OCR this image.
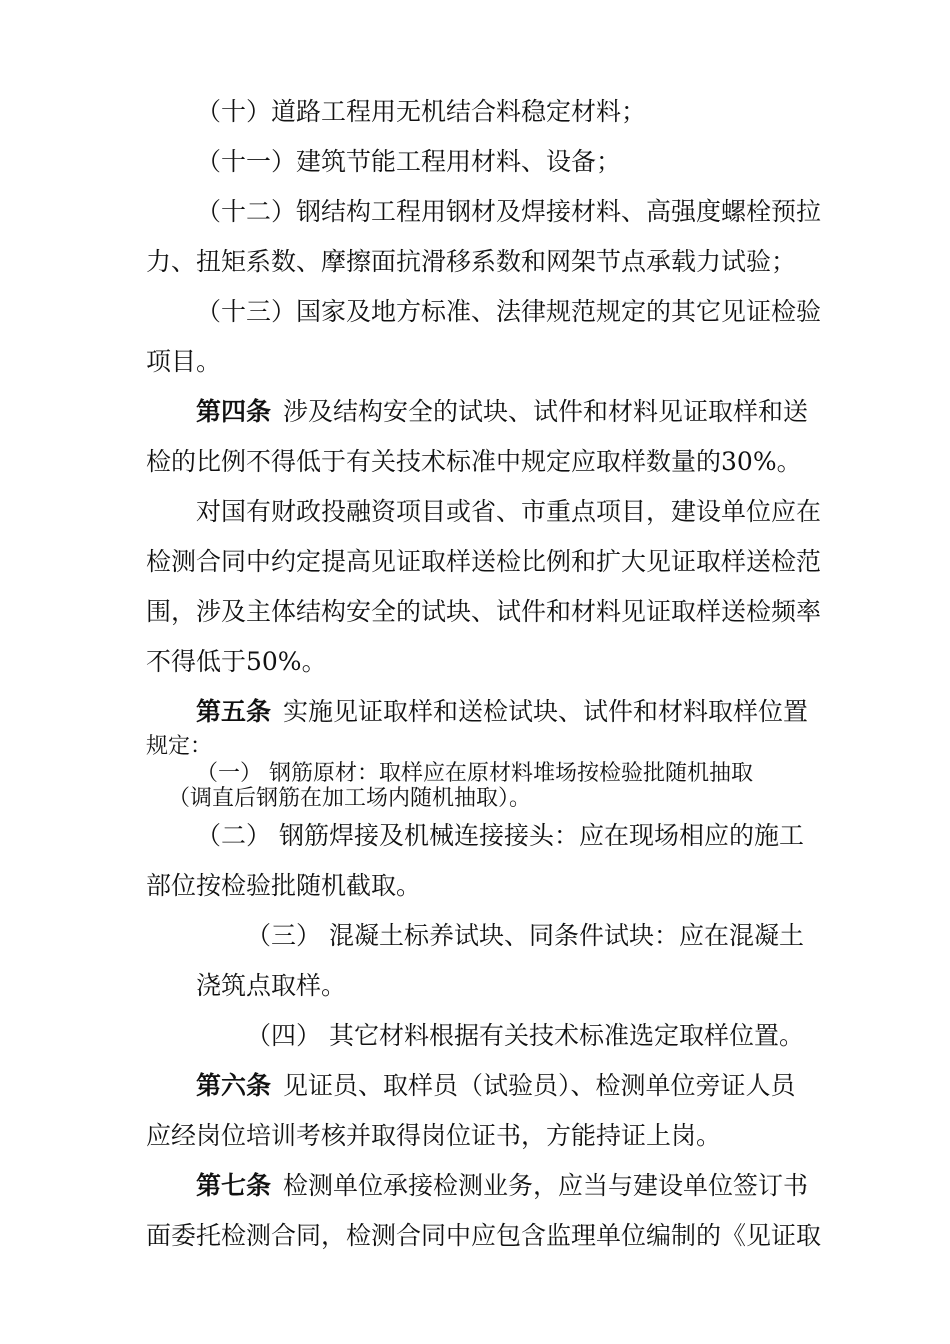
（十）道路工程用无机结合料稳定材料；
（十一）建筑节能工程用材料、设备；
（十二）钢结构工程用钢材及焊接材料、高强度螺栓预拉
力、扭矩系数、摩擦面抗滑移系数和网架节点承载力试验；
（十三）国家及地方标准、法律规范规定的其它见证检验
项目。
第四条 涉及结构安全的试块、试件和材料见证取样和送
检的比例不得低于有关技术标准中规定应取样数量的30%。
对国有财政投融资项目或省、市重点项目，建设单位应在
检测合同中约定提高见证取样送检比例和扩大见证取样送检范
围，涉及主体结构安全的试块、试件和材料见证取样送检频率
不得低于50%。
第五条 实施见证取样和送检试块、试件和材料取样位置
规定：
（一） 钢筋原材：取样应在原材料堆场按检验批随机抽取
（调直后钢筋在加工场内随机抽取）。
（二） 钢筋焊接及机械连接接头：应在现场相应的施工
部位按检验批随机截取。
（三） 混凝土标养试块、同条件试块：应在混凝土
浇筑点取样。
（四） 其它材料根据有关技术标准选定取样位置。
第六条 见证员、取样员（试验员）、检测单位旁证人员
应经岗位培训考核并取得岗位证书，方能持证上岗。
第七条 检测单位承接检测业务，应当与建设单位签订书
面委托检测合同，检测合同中应包含监理单位编制的《见证取
